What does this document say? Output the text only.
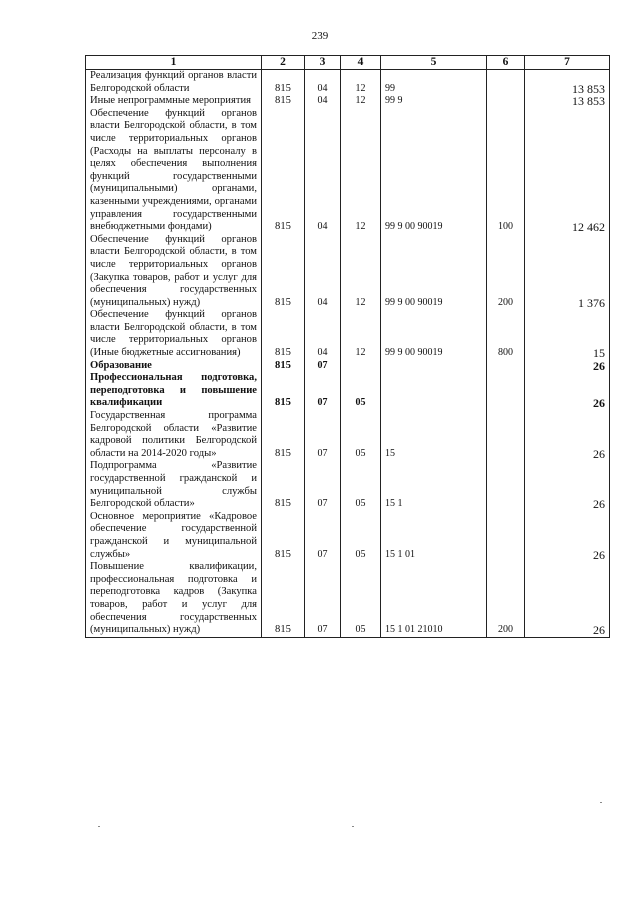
239
1	2	3	4	5	6	7
Реализация функций органов власти Белгородской области	815	04	12	99		13 853
Иные непрограммные мероприятия	815	04	12	99 9		13 853
Обеспечение функций органов власти Белгородской области, в том числе территориальных органов (Расходы на выплаты персоналу в целях обеспечения выполнения функций государственными (муниципальными) органами, казенными учреждениями, органами управления государственными внебюджетными фондами)	815	04	12	99 9 00 90019	100	12 462
Обеспечение функций органов власти Белгородской области, в том числе территориальных органов (Закупка товаров, работ и услуг для обеспечения государственных (муниципальных) нужд)	815	04	12	99 9 00 90019	200	1 376
Обеспечение функций органов власти Белгородской области, в том числе территориальных органов (Иные бюджетные ассигнования)	815	04	12	99 9 00 90019	800	15
Образование	815	07				26
Профессиональная подготовка, переподготовка и повышение квалификации	815	07	05			26
Государственная программа Белгородской области «Развитие кадровой политики Белгородской области на 2014-2020 годы»	815	07	05	15		26
Подпрограмма «Развитие государственной гражданской и муниципальной службы Белгородской области»	815	07	05	15 1		26
Основное мероприятие «Кадровое обеспечение государственной гражданской и муниципальной службы»	815	07	05	15 1 01		26
Повышение квалификации, профессиональная подготовка и переподготовка кадров (Закупка товаров, работ и услуг для обеспечения государственных (муниципальных) нужд)	815	07	05	15 1 01 21010	200	26
